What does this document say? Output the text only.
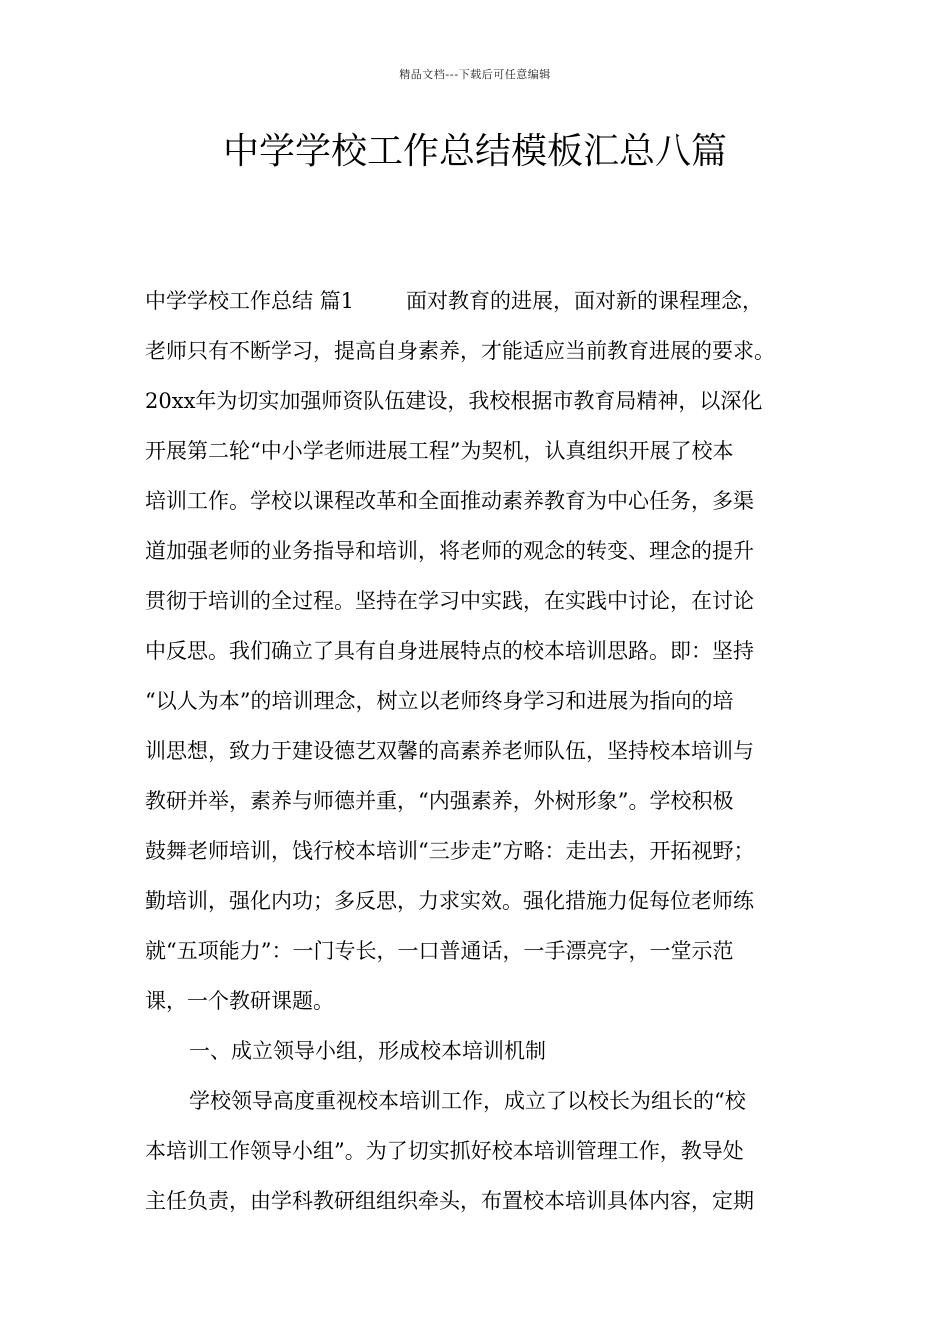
精品文档---下载后可任意编辑
中学学校工作总结模板汇总八篇
中学学校工作总结 篇1 面对教育的进展，面对新的课程理念，
老师只有不断学习，提高自身素养，才能适应当前教育进展的要求。
20xx年为切实加强师资队伍建设，我校根据市教育局精神，以深化
开展第二轮“中小学老师进展工程”为契机，认真组织开展了校本
培训工作。学校以课程改革和全面推动素养教育为中心任务，多渠
道加强老师的业务指导和培训，将老师的观念的转变、理念的提升
贯彻于培训的全过程。坚持在学习中实践，在实践中讨论，在讨论
中反思。我们确立了具有自身进展特点的校本培训思路。即：坚持
“以人为本”的培训理念，树立以老师终身学习和进展为指向的培
训思想，致力于建设德艺双馨的高素养老师队伍，坚持校本培训与
教研并举，素养与师德并重，“内强素养，外树形象”。学校积极
鼓舞老师培训，饯行校本培训“三步走”方略：走出去，开拓视野；
勤培训，强化内功；多反思，力求实效。强化措施力促每位老师练
就“五项能力”：一门专长，一口普通话，一手漂亮字，一堂示范
课，一个教研课题。
一、成立领导小组，形成校本培训机制
学校领导高度重视校本培训工作，成立了以校长为组长的“校
本培训工作领导小组”。为了切实抓好校本培训管理工作，教导处
主任负责，由学科教研组组织牵头，布置校本培训具体内容，定期
